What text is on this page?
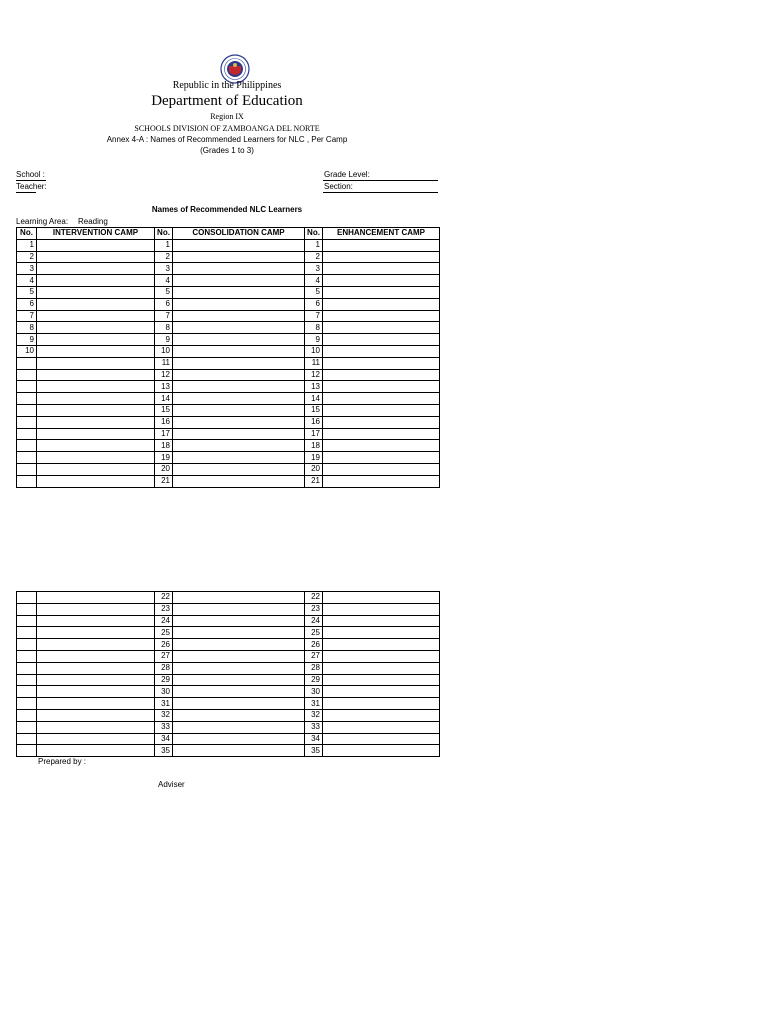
Republic in the Philippines
Department of Education
Region IX
SCHOOLS DIVISION OF ZAMBOANGA DEL NORTE
Annex 4-A : Names of Recommended Learners for NLC , Per Camp
(Grades 1 to 3)
School :
Teacher:
Grade Level:
Section:
Names of Recommended NLC Learners
Learning Area: Reading
No.	INTERVENTION CAMP	No.	CONSOLIDATION CAMP	No.	ENHANCEMENT CAMP
1		1		1	
2		2		2	
3		3		3	
4		4		4	
5		5		5	
6		6		6	
7		7		7	
8		8		8	
9		9		9	
10		10		10	
		11		11	
		12		12	
		13		13	
		14		14	
		15		15	
		16		16	
		17		17	
		18		18	
		19		19	
		20		20	
		21		21	
		22		22	
		23		23	
		24		24	
		25		25	
		26		26	
		27		27	
		28		28	
		29		29	
		30		30	
		31		31	
		32		32	
		33		33	
		34		34	
		35		35	
Prepared by :
Adviser
